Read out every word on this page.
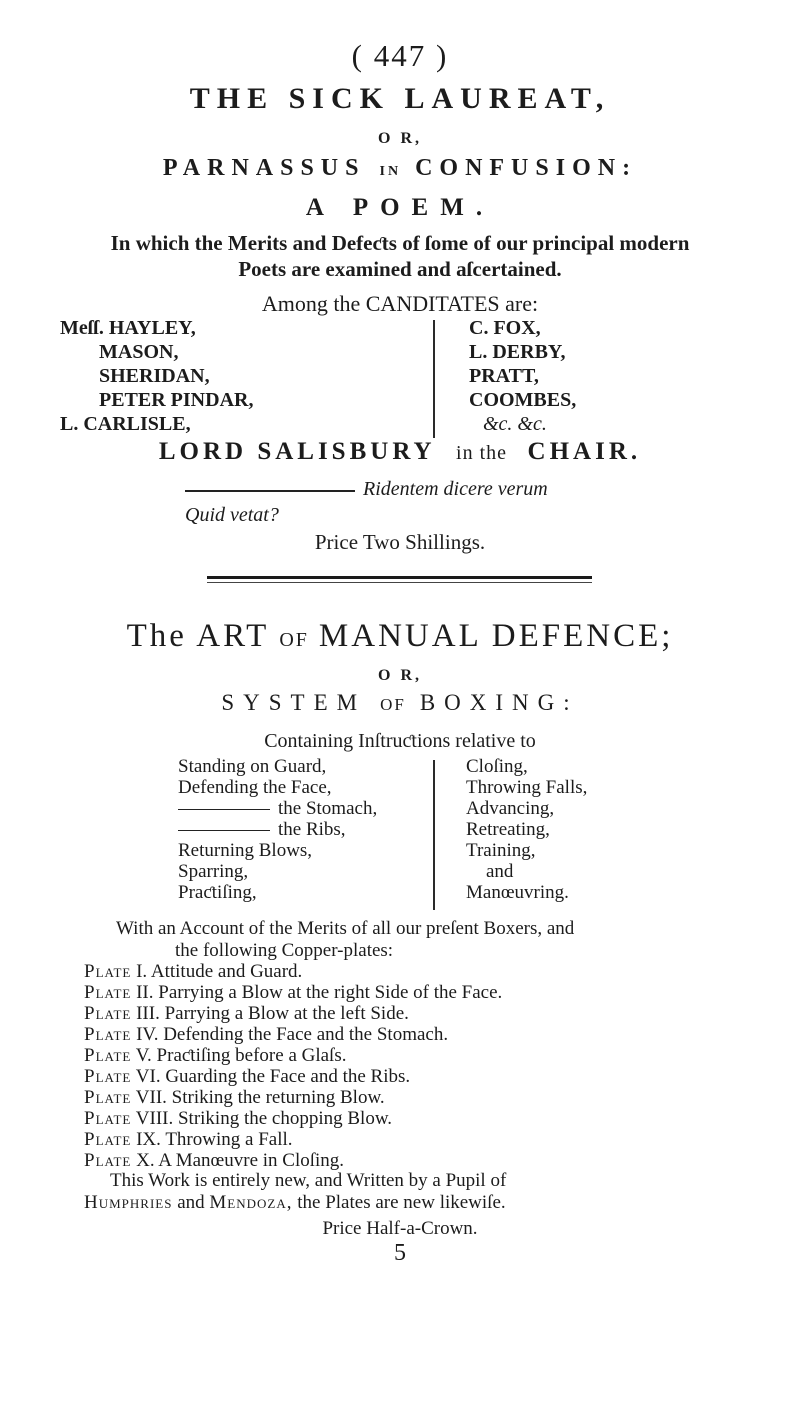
( 447 )
THE SICK LAUREAT,
O R,
PARNASSUS IN CONFUSION:
A POEM.
In which the Merits and Defeƈts of ſome of our principal modern
Poets are examined and aſcertained.
Among the CANDITATES are:
Meſſ. HAYLEY,
MASON,
SHERIDAN,
PETER PINDAR,
L. CARLISLE,
C. FOX,
L. DERBY,
PRATT,
COOMBES,
&c. &c.
LORD SALISBURY in the CHAIR.
Ridentem dicere verum
Quid vetat?
Price Two Shillings.
The ART OF MANUAL DEFENCE;
O R,
SYSTEM OF BOXING:
Containing Inſtruƈtions relative to
Standing on Guard,
Defending the Face,
the Stomach,
the Ribs,
Returning Blows,
Sparring,
Praƈtiſing,
Cloſing,
Throwing Falls,
Advancing,
Retreating,
Training,
and
Manœuvring.
With an Account of the Merits of all our preſent Boxers, and
the following Copper-plates:
Plate I. Attitude and Guard.
Plate II. Parrying a Blow at the right Side of the Face.
Plate III. Parrying a Blow at the left Side.
Plate IV. Defending the Face and the Stomach.
Plate V. Praƈtiſing before a Glaſs.
Plate VI. Guarding the Face and the Ribs.
Plate VII. Striking the returning Blow.
Plate VIII. Striking the chopping Blow.
Plate IX. Throwing a Fall.
Plate X. A Manœuvre in Cloſing.
This Work is entirely new, and Written by a Pupil of
Humphries and Mendoza, the Plates are new likewiſe.
Price Half-a-Crown.
5
